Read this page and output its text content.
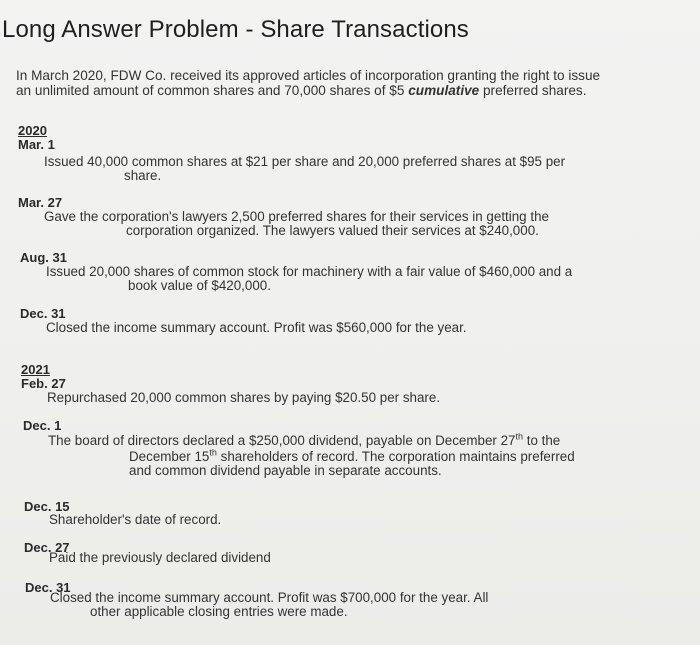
Long Answer Problem - Share Transactions
In March 2020, FDW Co. received its approved articles of incorporation granting the right to issue an unlimited amount of common shares and 70,000 shares of $5 cumulative preferred shares.
2020
Mar. 1
Issued 40,000 common shares at $21 per share and 20,000 preferred shares at $95 per
share.
Mar. 27
Gave the corporation's lawyers 2,500 preferred shares for their services in getting the
corporation organized. The lawyers valued their services at $240,000.
Aug. 31
Issued 20,000 shares of common stock for machinery with a fair value of $460,000 and a
book value of $420,000.
Dec. 31
Closed the income summary account. Profit was $560,000 for the year.
2021
Feb. 27
Repurchased 20,000 common shares by paying $20.50 per share.
Dec. 1
The board of directors declared a $250,000 dividend, payable on December 27th to the
December 15th shareholders of record. The corporation maintains preferred
and common dividend payable in separate accounts.
Dec. 15
Shareholder's date of record.
Dec. 27
Paid the previously declared dividend
Dec. 31
Closed the income summary account. Profit was $700,000 for the year. All
other applicable closing entries were made.
